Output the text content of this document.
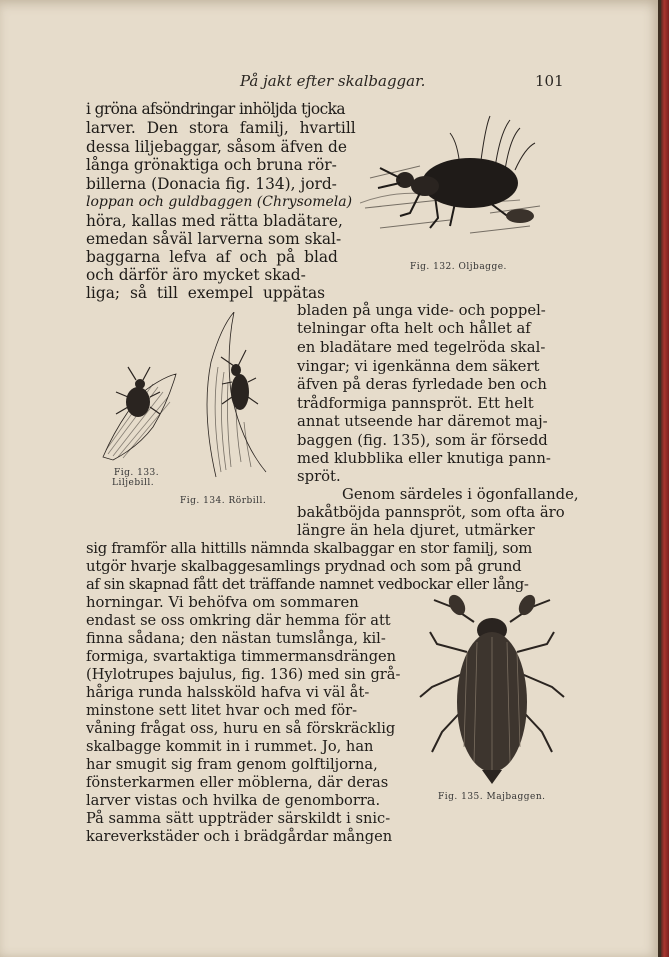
På jakt efter skalbaggar.	101
i gröna afsöndringar inhöljda tjocka
larver. Den stora familj, hvartill
dessa liljebaggar, såsom äfven de
långa grönaktiga och bruna rör-
billerna (Donacia fig. 134), jord-
loppan och guldbaggen (Chrysomela)
höra, kallas med rätta bladätare,
emedan såväl larverna som skal-
baggarna lefva af och på blad
och därför äro mycket skad-
liga; så till exempel uppätas
bladen på unga vide- och poppel-
telningar ofta helt och hållet af
en bladätare med tegelröda skal-
vingar; vi igenkänna dem säkert
äfven på deras fyrledade ben och
trådformiga pannspröt. Ett helt
annat utseende har däremot maj-
baggen (fig. 135), som är försedd
med klubblika eller knutiga pann-
spröt.
Genom särdeles i ögonfallande,
bakåtböjda pannspröt, som ofta äro
längre än hela djuret, utmärker
sig framför alla hittills nämnda skalbaggar en stor familj, som
utgör hvarje skalbaggesamlings prydnad och som på grund
af sin skapnad fått det träffande namnet vedbockar eller lång-
horningar. Vi behöfva om sommaren
endast se oss omkring där hemma för att
finna sådana; den nästan tumslånga, kil-
formiga, svartaktiga timmermansdrängen
(Hylotrupes bajulus, fig. 136) med sin grå-
håriga runda halssköld hafva vi väl åt-
minstone sett litet hvar och med för-
våning frågat oss, huru en så förskräcklig
skalbagge kommit in i rummet. Jo, han
har smugit sig fram genom golftiljorna,
fönsterkarmen eller möblerna, där deras
larver vistas och hvilka de genomborra.
På samma sätt uppträder särskildt i snic-
kareverkstäder och i brädgårdar mången
Fig. 132. Oljbagge.
Fig. 133.
Liljebill.
Fig. 134. Rörbill.
Fig. 135. Majbaggen.
